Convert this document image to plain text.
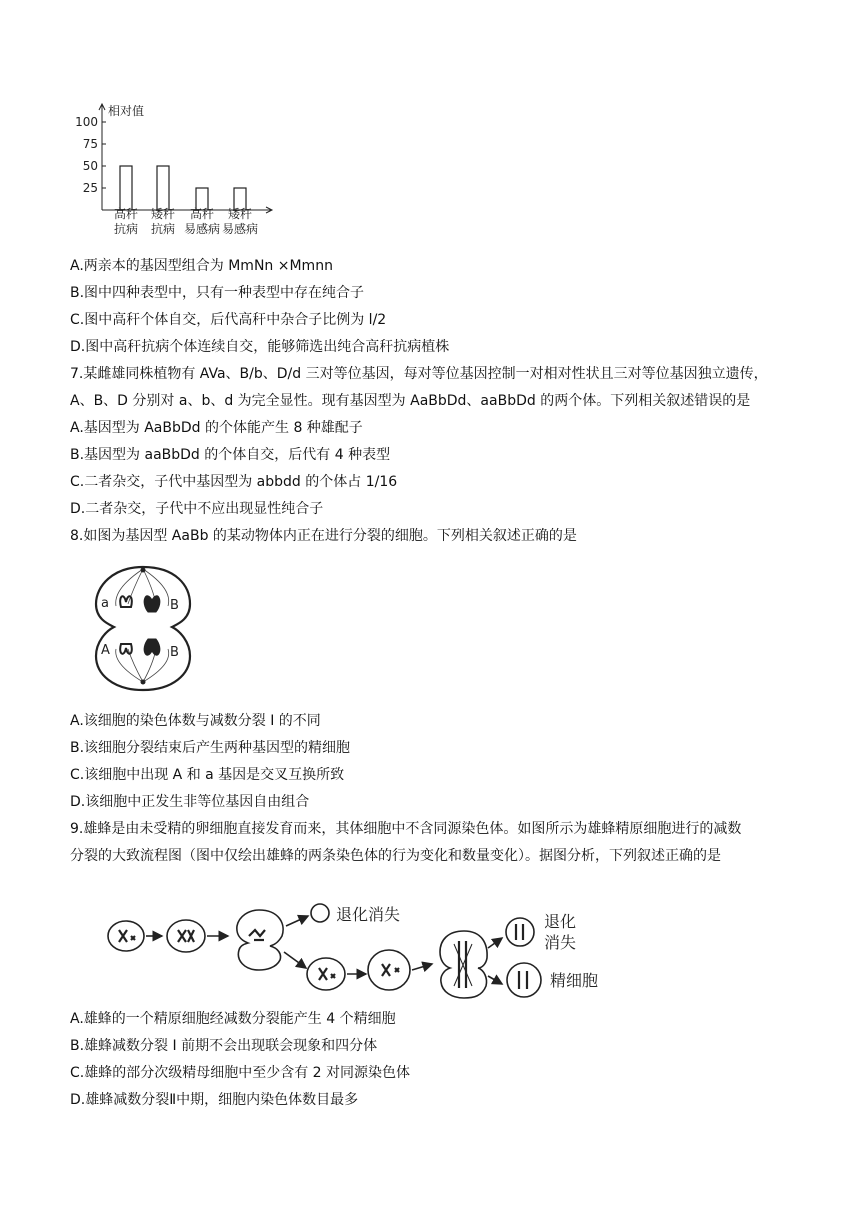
相对值
100
75
50
25
高秆
抗病
矮秆
抗病
高秆
易感病
矮秆
易感病
A.两亲本的基因型组合为 MmNn ×Mmnn
B.图中四种表型中，只有一种表型中存在纯合子
C.图中高秆个体自交，后代高秆中杂合子比例为 l/2
D.图中高秆抗病个体连续自交，能够筛选出纯合高秆抗病植株
7.某雌雄同株植物有 AVa、B/b、D/d 三对等位基因，每对等位基因控制一对相对性状且三对等位基因独立遗传，
A、B、D 分别对 a、b、d 为完全显性。现有基因型为 AaBbDd、aaBbDd 的两个体。下列相关叙述错误的是
A.基因型为 AaBbDd 的个体能产生 8 种雄配子
B.基因型为 aaBbDd 的个体自交，后代有 4 种表型
C.二者杂交，子代中基因型为 abbdd 的个体占 1/16
D.二者杂交，子代中不应出现显性纯合子
8.如图为基因型 AaBb 的某动物体内正在进行分裂的细胞。下列相关叙述正确的是
a	B
A	B
A.该细胞的染色体数与减数分裂 I 的不同
B.该细胞分裂结束后产生两种基因型的精细胞
C.该细胞中出现 A 和 a 基因是交叉互换所致
D.该细胞中正发生非等位基因自由组合
9.雄蜂是由未受精的卵细胞直接发育而来，其体细胞中不含同源染色体。如图所示为雄蜂精原细胞进行的减数
分裂的大致流程图（图中仅绘出雄蜂的两条染色体的行为变化和数量变化）。据图分析，下列叙述正确的是
退化消失	退化
消失
精细胞
A.雄蜂的一个精原细胞经减数分裂能产生 4 个精细胞
B.雄蜂减数分裂 I 前期不会出现联会现象和四分体
C.雄蜂的部分次级精母细胞中至少含有 2 对同源染色体
D.雄蜂减数分裂Ⅱ中期，细胞内染色体数目最多
